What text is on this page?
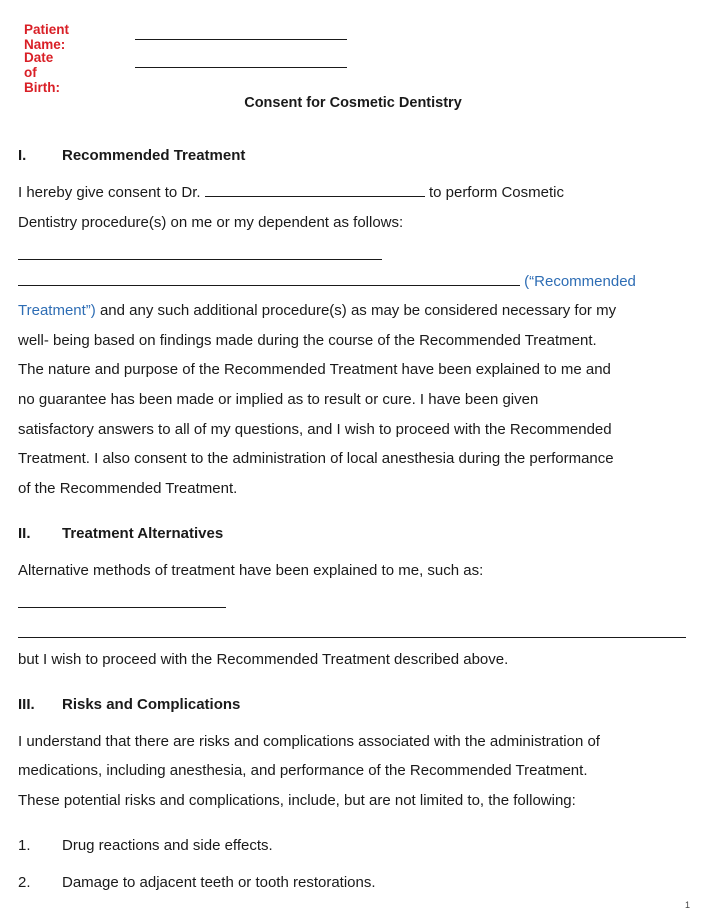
Patient Name:
Date of Birth:
Consent for Cosmetic Dentistry
I. Recommended Treatment
I hereby give consent to Dr.	to perform Cosmetic
Dentistry procedure(s) on me or my dependent as follows:
(“Recommended
Treatment”) and any such additional procedure(s) as may be considered necessary for my
well- being based on findings made during the course of the Recommended Treatment.
The nature and purpose of the Recommended Treatment have been explained to me and
no guarantee has been made or implied as to result or cure. I have been given
satisfactory answers to all of my questions, and I wish to proceed with the Recommended
Treatment. I also consent to the administration of local anesthesia during the performance
of the Recommended Treatment.
II. Treatment Alternatives
Alternative methods of treatment have been explained to me, such as:
but I wish to proceed with the Recommended Treatment described above.
III. Risks and Complications
I understand that there are risks and complications associated with the administration of
medications, including anesthesia, and performance of the Recommended Treatment.
These potential risks and complications, include, but are not limited to, the following:
1. Drug reactions and side effects.
2. Damage to adjacent teeth or tooth restorations.
1
